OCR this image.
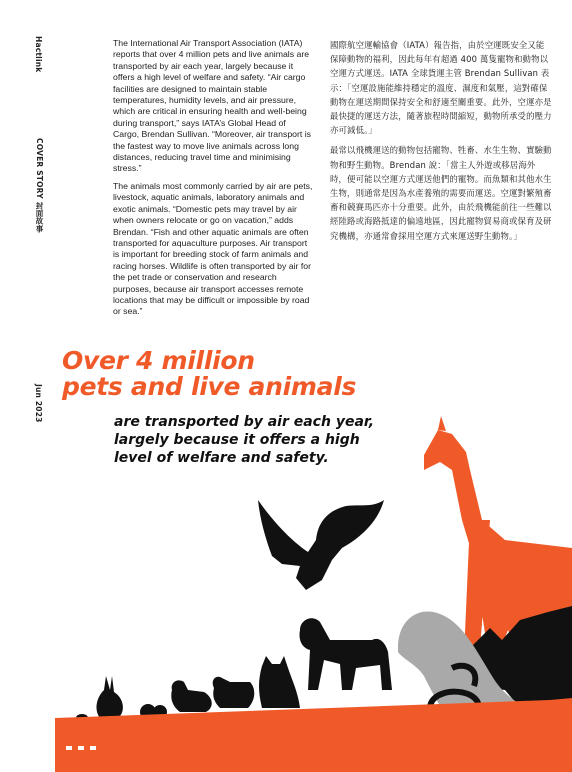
Hactlink
COVER STORY 封面故事
Jun 2023

The International Air Transport Association (IATA) reports that over 4 million pets and live animals are transported by air each year, largely because it offers a high level of welfare and safety. “Air cargo facilities are designed to maintain stable temperatures, humidity levels, and air pressure, which are critical in ensuring health and well-being during transport,” says IATA’s Global Head of Cargo, Brendan Sullivan. “Moreover, air transport is the fastest way to move live animals across long distances, reducing travel time and minimising stress.”

The animals most commonly carried by air are pets, livestock, aquatic animals, laboratory animals and exotic animals. “Domestic pets may travel by air when owners relocate or go on vacation,” adds Brendan. “Fish and other aquatic animals are often transported for aquaculture purposes. Air transport is important for breeding stock of farm animals and racing horses. Wildlife is often transported by air for the pet trade or conservation and research purposes, because air transport accesses remote locations that may be difficult or impossible by road or sea.”

國際航空運輸協會（IATA）報告指，由於空運既安全又能保障動物的福利，因此每年有超過 400 萬隻寵物和動物以空運方式運送。IATA 全球貨運主管 Brendan Sullivan 表示：「空運設施能維持穩定的溫度、濕度和氣壓，這對確保動物在運送期間保持安全和舒適至關重要。此外，空運亦是最快捷的運送方法，隨著旅程時間縮短，動物所承受的壓力亦可減低。」

最常以飛機運送的動物包括寵物、牲畜、水生生物、實驗動物和野生動物。Brendan 說：「當主人外遊或移居海外時，便可能以空運方式運送他們的寵物。而魚類和其他水生生物，則通常是因為水產養殖的需要而運送。空運對繁殖畜畜和競賽馬匹亦十分重要。此外，由於飛機能前往一些難以經陸路或海路抵達的偏遠地區，因此寵物貿易商或保育及研究機構，亦通常會採用空運方式來運送野生動物。」

Over 4 million
pets and live animals
are transported by air each year,
largely because it offers a high
level of welfare and safety.
12
